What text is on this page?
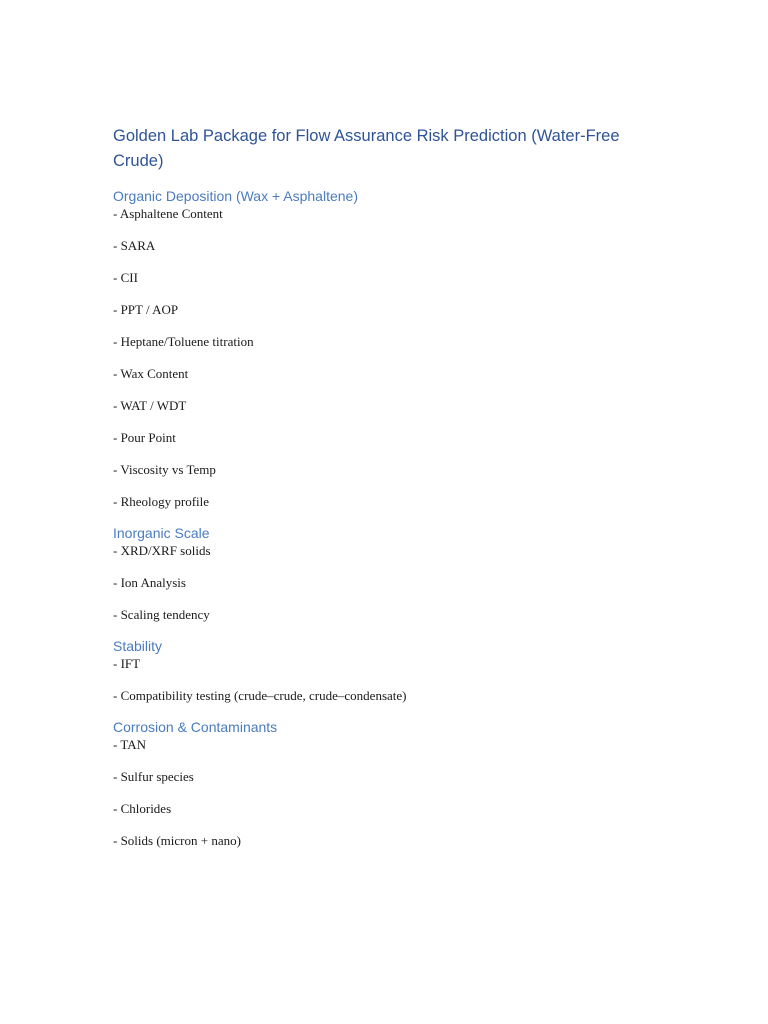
Golden Lab Package for Flow Assurance Risk Prediction (Water-Free Crude)
Organic Deposition (Wax + Asphaltene)

- Asphaltene Content

- SARA

- CII

- PPT / AOP

- Heptane/Toluene titration

- Wax Content

- WAT / WDT

- Pour Point

- Viscosity vs Temp

- Rheology profile

Inorganic Scale

- XRD/XRF solids

- Ion Analysis

- Scaling tendency

Stability

- IFT

- Compatibility testing (crude–crude, crude–condensate)

Corrosion & Contaminants

- TAN

- Sulfur species

- Chlorides

- Solids (micron + nano)
